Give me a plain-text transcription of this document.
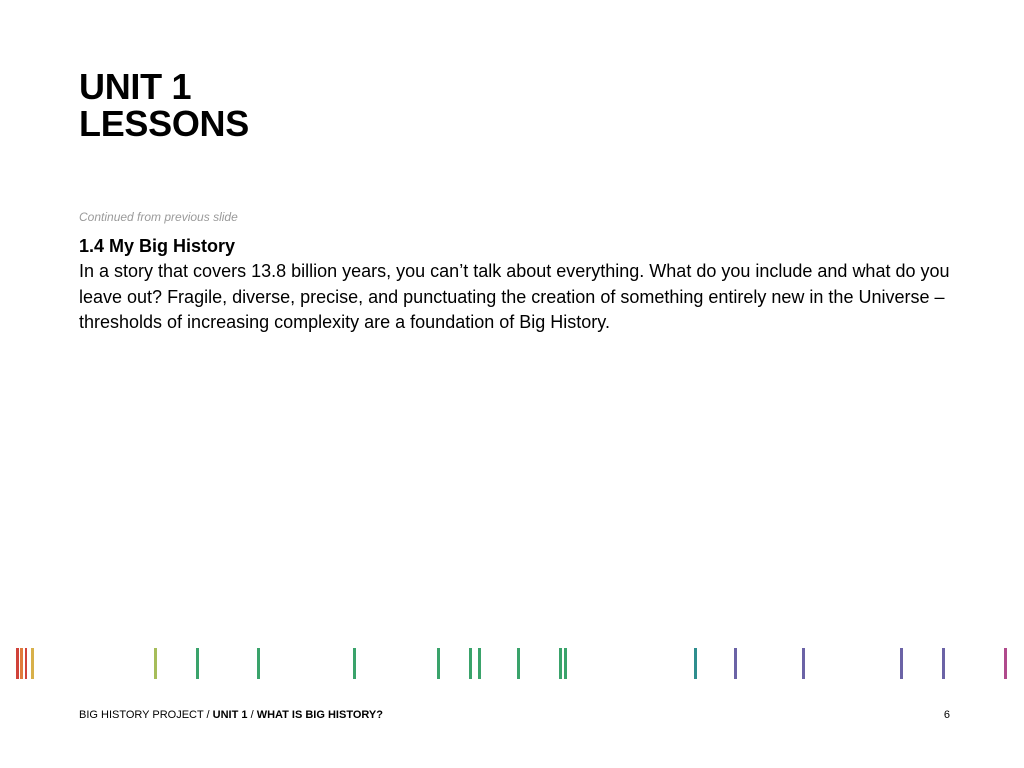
UNIT 1
LESSONS
Continued from previous slide
1.4 My Big History

In a story that covers 13.8 billion years, you can’t talk about everything. What do you include and what do you leave out? Fragile, diverse, precise, and punctuating the creation of something entirely new in the Universe – thresholds of increasing complexity are a foundation of Big History.

BIG HISTORY PROJECT / UNIT 1 / WHAT IS BIG HISTORY?	6
